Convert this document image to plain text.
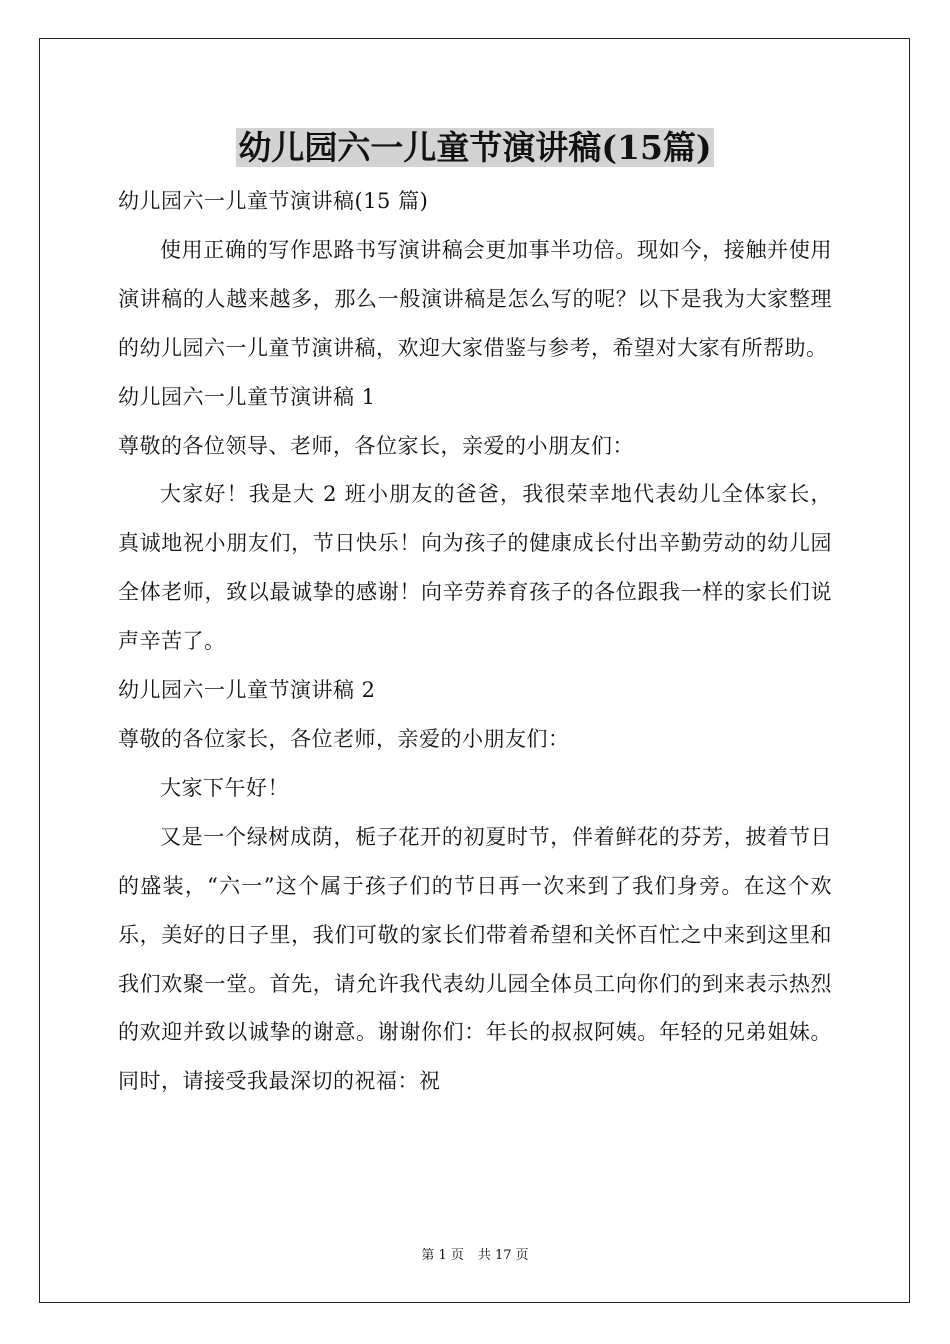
幼儿园六一儿童节演讲稿(15篇)

幼儿园六一儿童节演讲稿(15 篇)

使用正确的写作思路书写演讲稿会更加事半功倍。现如今，接触并使用演讲稿的人越来越多，那么一般演讲稿是怎么写的呢？以下是我为大家整理的幼儿园六一儿童节演讲稿，欢迎大家借鉴与参考，希望对大家有所帮助。

幼儿园六一儿童节演讲稿 1

尊敬的各位领导、老师，各位家长，亲爱的小朋友们：

大家好！我是大 2 班小朋友的爸爸，我很荣幸地代表幼儿全体家长，真诚地祝小朋友们，节日快乐！向为孩子的健康成长付出辛勤劳动的幼儿园全体老师，致以最诚挚的感谢！向辛劳养育孩子的各位跟我一样的家长们说声辛苦了。

幼儿园六一儿童节演讲稿 2

尊敬的各位家长，各位老师，亲爱的小朋友们：

大家下午好！

又是一个绿树成荫，栀子花开的初夏时节，伴着鲜花的芬芳，披着节日的盛装，“六一”这个属于孩子们的节日再一次来到了我们身旁。在这个欢乐，美好的日子里，我们可敬的家长们带着希望和关怀百忙之中来到这里和我们欢聚一堂。首先，请允许我代表幼儿园全体员工向你们的到来表示热烈的欢迎并致以诚挚的谢意。谢谢你们：年长的叔叔阿姨。年轻的兄弟姐妹。同时，请接受我最深切的祝福：祝

第 1 页 共 17 页
